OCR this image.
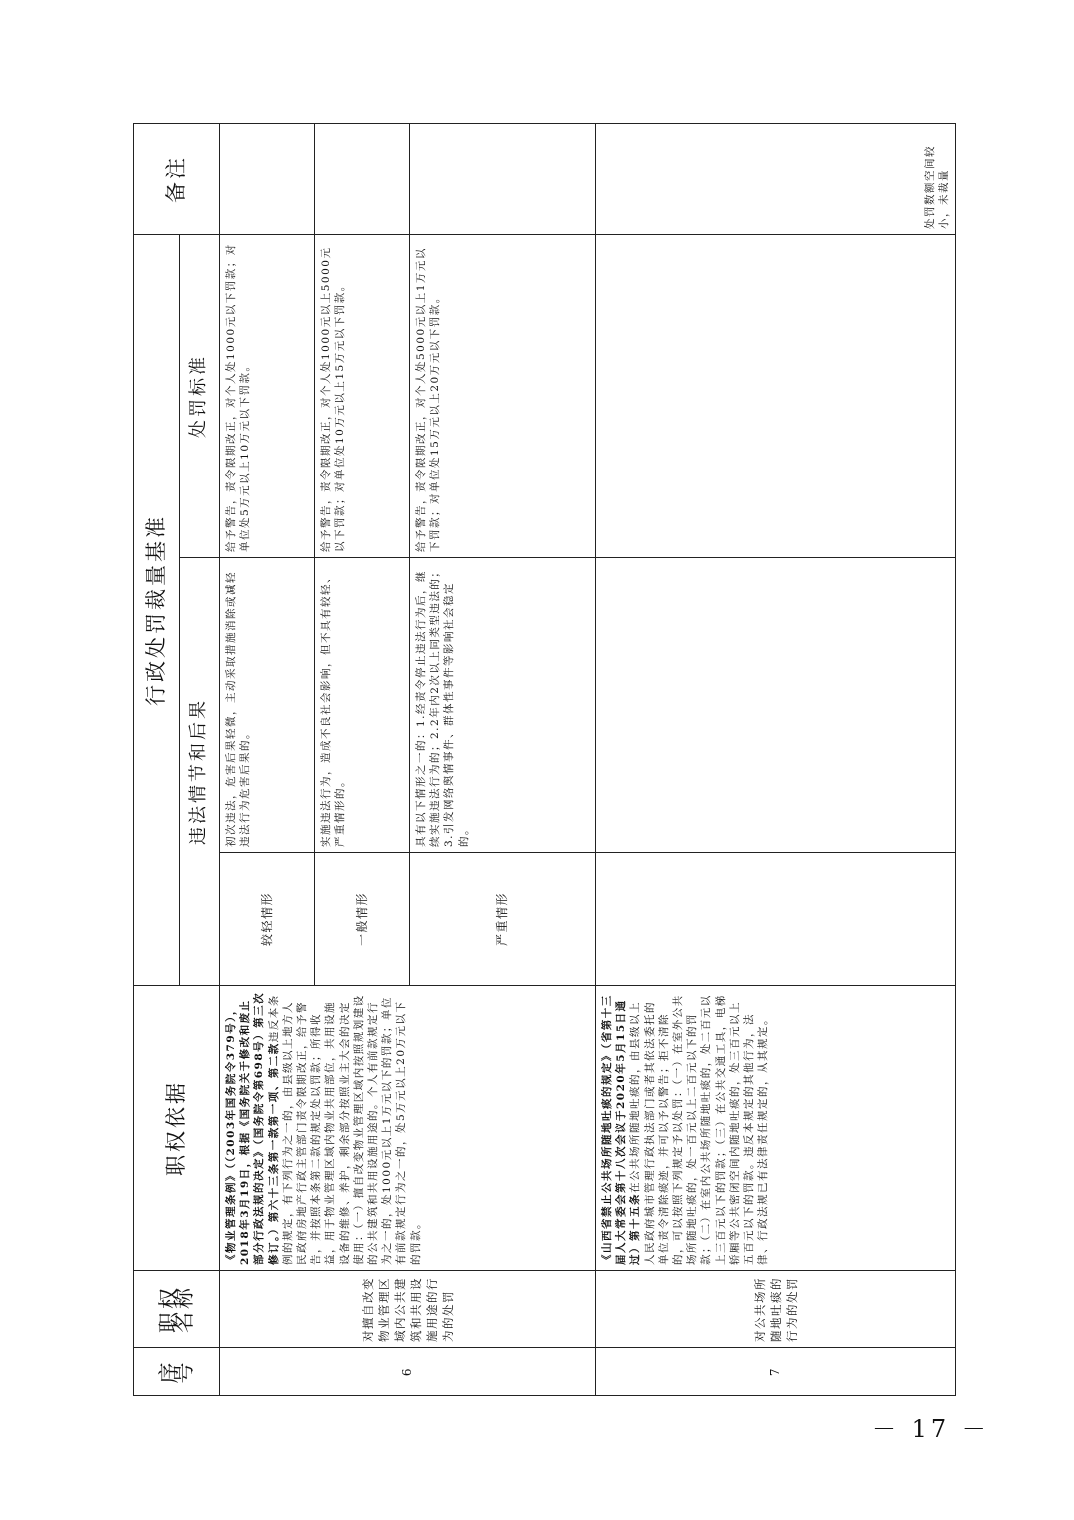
序号	职权名称	职权依据	行政处罚裁量基准			备注
			违法情节和后果		处罚标准	
6	对擅自改变物业管理区域内公共建筑和共用设施用途的行为的处罚	《物业管理条例》（（2003年国务院令379号），2018年3月19日，根据《国务院关于修改和废止部分行政法规的决定》（国务院令第698号）第三次修订。）第六十三条第一款第一项、第二款违反本条例的规定，有下列行为之一的，由县级以上地方人民政府房地产行政主管部门责令限期改正，给予警告，并按照本条第二款的规定处以罚款；所得收益，用于物业管理区域内物业共用部位，共用设施设备的维修、养护，剩余部分按照业主大会的决定使用：（一）擅自改变物业管理区域内按照规划建设的公共建筑和共用设施用途的。个人有前款规定行为之一的，处1000元以上1万元以下的罚款；单位有前款规定行为之一的，处5万元以上20万元以下的罚款。	较轻情形	初次违法，危害后果轻微，主动采取措施消除或减轻违法行为危害后果的。	给予警告，责令限期改正，对个人处1000元以下罚款；对单位处5万元以上10万元以下罚款。	
			一般情形	实施违法行为，造成不良社会影响，但不具有较轻、严重情形的。	给予警告，责令限期改正，对个人处1000元以上5000元以下罚款；对单位处10万元以上15万元以下罚款。	
			严重情形	具有以下情形之一的：1.经责令停止违法行为后，继续实施违法行为的；2.2年内2次以上同类型违法的；3.引发网络舆情事件、群体性事件等影响社会稳定的。	给予警告，责令限期改正，对个人处5000元以上1万元以下罚款；对单位处15万元以上20万元以下罚款。	
7	对公共场所随地吐痰的行为的处罚	《山西省禁止公共场所随地吐痰的规定》（省第十三届人大常委会第十八次会议于2020年5月15日通过）第十五条在公共场所随地吐痰的，由县级以上人民政府城市管理行政执法部门或者其依法委托的单位责令清除痰迹，并可以予以警告；拒不清除的，可以按照下列规定予以处罚：（一）在室外公共场所随地吐痰的，处一百元以上二百元以下的罚款；（二）在室内公共场所随地吐痰的，处二百元以上三百元以下的罚款；（三）在公共交通工具，电梯轿厢等公共密闭空间内随地吐痰的，处三百元以上五百元以下的罚款。违反本规定的其他行为，法律、行政法规已有法律责任规定的，从其规定。				处罚数额空间较小，未裁量
－ 17 －
